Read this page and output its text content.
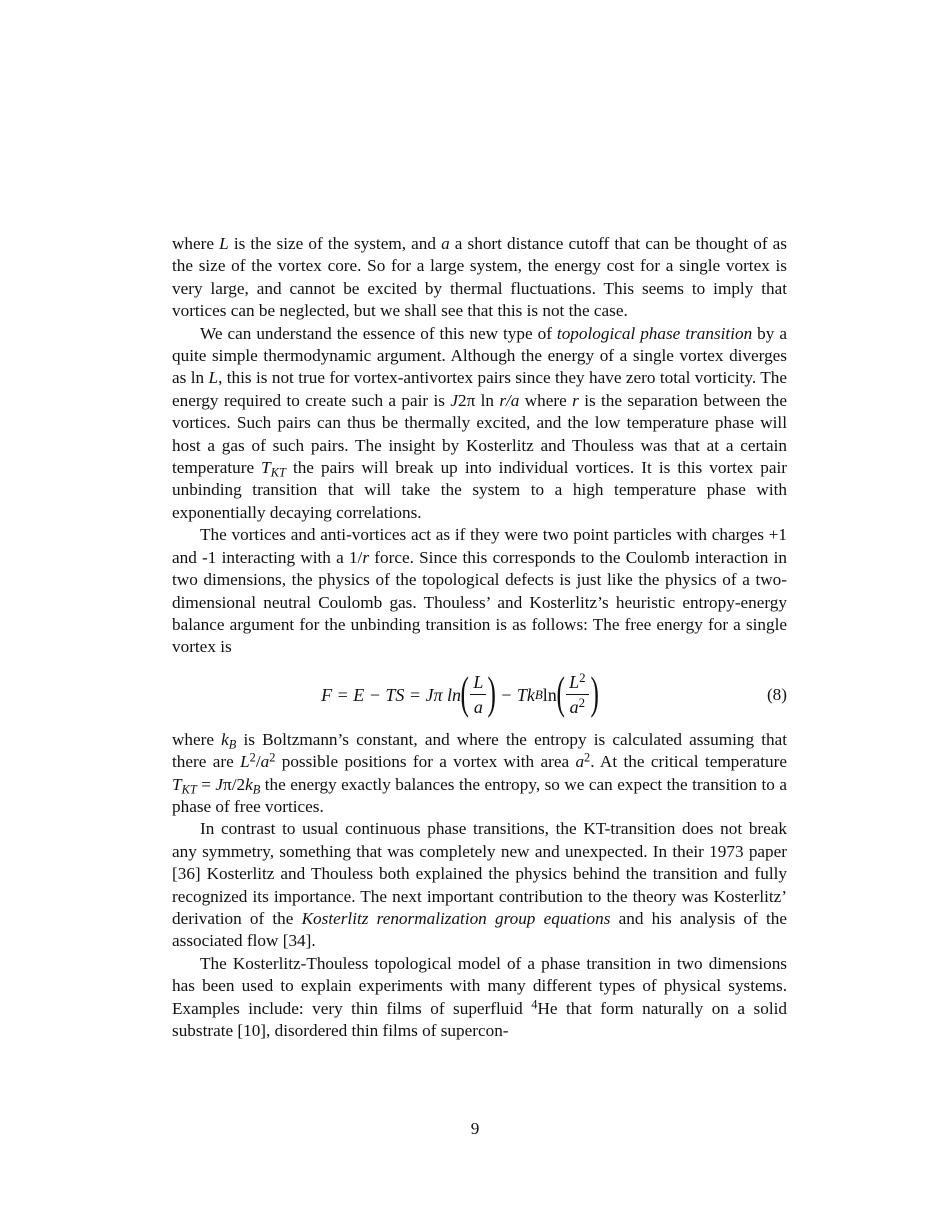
where L is the size of the system, and a a short distance cutoff that can be thought of as the size of the vortex core. So for a large system, the energy cost for a single vortex is very large, and cannot be excited by thermal fluctuations. This seems to imply that vortices can be neglected, but we shall see that this is not the case.

We can understand the essence of this new type of topological phase transition by a quite simple thermodynamic argument. Although the energy of a single vortex diverges as ln L, this is not true for vortex-antivortex pairs since they have zero total vorticity. The energy required to create such a pair is J2π ln r/a where r is the separation between the vortices. Such pairs can thus be thermally excited, and the low temperature phase will host a gas of such pairs. The insight by Kosterlitz and Thouless was that at a certain temperature $T_{KT}$ the pairs will break up into individual vortices. It is this vortex pair unbinding transition that will take the system to a high temperature phase with exponentially decaying correlations.

The vortices and anti-vortices act as if they were two point particles with charges +1 and -1 interacting with a 1/r force. Since this corresponds to the Coulomb interaction in two dimensions, the physics of the topological defects is just like the physics of a two-dimensional neutral Coulomb gas. Thouless’ and Kosterlitz’s heuristic entropy-energy balance argument for the unbinding transition is as follows: The free energy for a single vortex is

F = E − TS = Jπ ln ( $\frac{L}{a}$ )
− Tk B ln ( $\frac{L^2}{a^2}$ )	(8)

where $k_B$ is Boltzmann’s constant, and where the entropy is calculated assuming that there are $L^2/a^2$ possible positions for a vortex with area $a^2$. At the critical temperature $T_{KT} = J\pi/2k_B$ the energy exactly balances the entropy, so we can expect the transition to a phase of free vortices.

In contrast to usual continuous phase transitions, the KT-transition does not break any symmetry, something that was completely new and unexpected. In their 1973 paper [36] Kosterlitz and Thouless both explained the physics behind the transition and fully recognized its importance. The next important contribution to the theory was Kosterlitz’ derivation of the Kosterlitz renormalization group equations and his analysis of the associated flow [34].

The Kosterlitz-Thouless topological model of a phase transition in two dimensions has been used to explain experiments with many different types of physical systems. Examples include: very thin films of superfluid $^4$He that form naturally on a solid substrate [10], disordered thin films of supercon-

9
